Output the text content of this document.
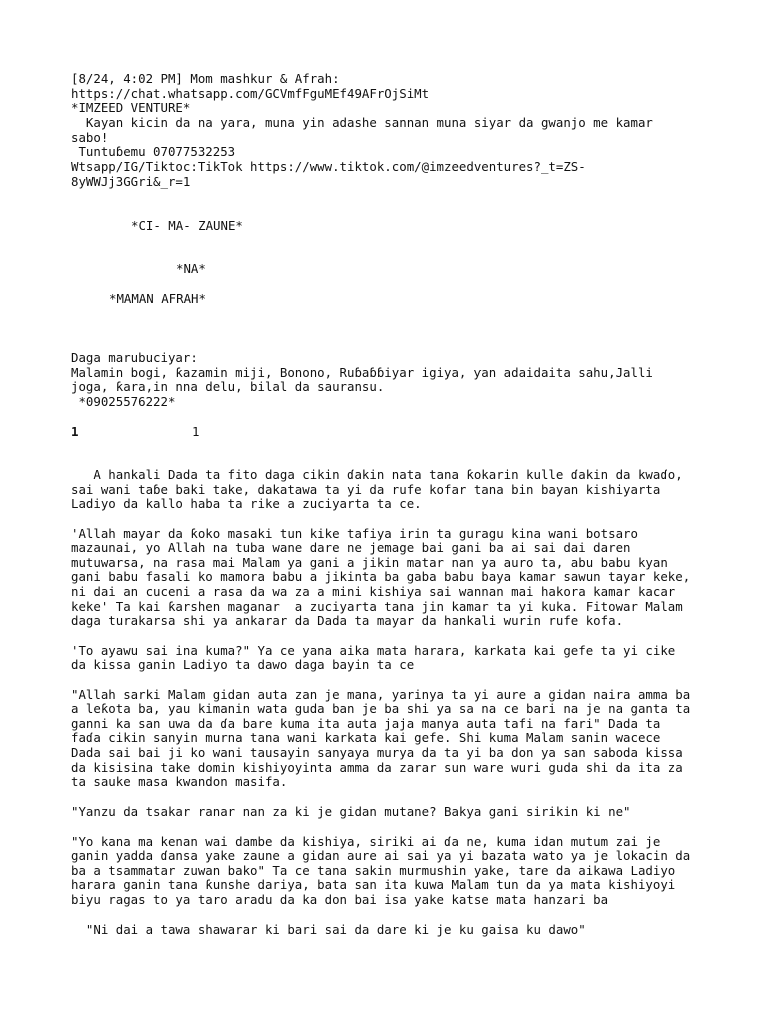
[8/24, 4:02 PM] Mom mashkur & Afrah:
https://chat.whatsapp.com/GCVmfFguMEf49AFrOjSiMt
*IMZEED VENTURE*
Kayan kicin da na yara, muna yin adashe sannan muna siyar da gwanjo me kamar
sabo!
Tuntuɓemu 07077532253
Wtsapp/IG/Tiktoc:TikTok https://www.tiktok.com/@imzeedventures?_t=ZS-
8yWWJj3GGri&_r=1
*CI- MA- ZAUNE*
*NA*
*MAMAN AFRAH*
Daga marubuciyar:
Malamin bogi, ƙazamin miji, Bonono, Ruɓaɓɓiyar igiya, ƴan adaidaita sahu,Jalli
joga, ƙara,in nna delu, bilal da sauransu.
*09025576222*
1	1
A hankali Dada ta fito daga cikin ɗakin nata tana ƙokarin kulle ɗakin da kwaɗo,
sai wani taɓe baki take, dakatawa ta yi da rufe kofar tana bin bayan kishiyarta
Ladiyo da kallo haba ta rike a zuciyarta ta ce.
'Allah mayar da ƙoko masaki tun kike tafiya irin ta guragu kina wani botsaro
mazaunai, yo Allah na tuba wane dare ne jemage bai gani ba ai sai dai daren
mutuwarsa, na rasa mai Malam ya gani a jikin matar nan ya auro ta, abu babu kyan
gani babu fasali ko mamora babu a jikinta ba gaba babu baya kamar sawun tayar keke,
ni dai an cuceni a rasa da wa za a mini kishiya sai wannan mai hakora kamar kacar
keke' Ta kai ƙarshen maganar  a zuciyarta tana jin kamar ta yi kuka. Fitowar Malam
daga turakarsa shi ya ankarar da Dada ta mayar da hankali wurin rufe kofa.
'To ayawu sai ina kuma?" Ya ce yana aika mata harara, karkata kai gefe ta yi cike
da kissa ganin Ladiyo ta dawo daga bayin ta ce
"Allah sarki Malam gidan auta zan je mana, yarinya ta yi aure a gidan naira amma ba
a leƙota ba, yau kimanin wata guda ban je ba shi ya sa na ce bari na je na ganta ta
ganni ka san uwa da ɗa bare kuma ita auta jaja manya auta tafi na fari" Dada ta
faɗa cikin sanyin murna tana wani karkata kai gefe. Shi kuma Malam sanin wacece
Dada sai bai ji ko wani tausayin sanyaya murya da ta yi ba don ya san saboda kissa
da kisisina take domin kishiyoyinta amma da zarar sun ware wuri guda shi da ita za
ta sauke masa kwandon masifa.
"Yanzu da tsakar ranar nan za ki je gidan mutane? Bakya gani sirikin ki ne"
"Yo kana ma kenan wai dambe da kishiya, siriki ai ɗa ne, kuma idan mutum zai je
ganin yadda ɗansa yake zaune a gidan aure ai sai ya yi bazata wato ya je lokacin da
ba a tsammatar zuwan bako" Ta ce tana sakin murmushin yake, tare da aikawa Ladiyo
harara ganin tana ƙunshe dariya, bata san ita kuwa Malam tun da ya mata kishiyoyi
biyu ragas to ya taro aradu da ka don bai isa yake katse mata hanzari ba
"Ni dai a tawa shawarar ki bari sai da dare ki je ku gaisa ku dawo"
